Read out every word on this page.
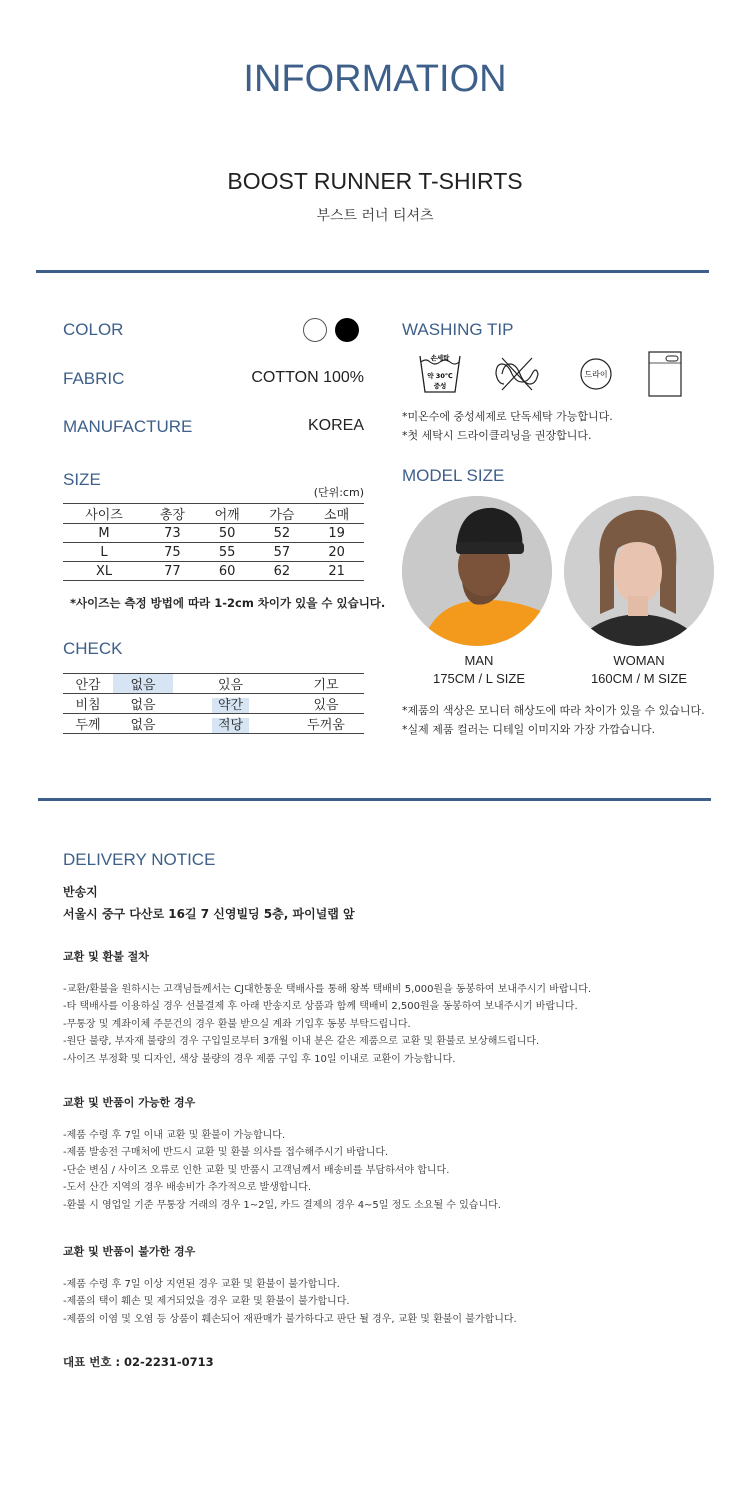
INFORMATION
BOOST RUNNER T-SHIRTS
부스트 러너 티셔츠
COLOR
FABRIC	COTTON 100%
MANUFACTURE	KOREA
SIZE
(단위:cm)
사이즈	총장	어깨	가슴	소매
M	73	50	52	19
L	75	55	57	20
XL	77	60	62	21
*사이즈는 측정 방법에 따라 1-2cm 차이가 있을 수 있습니다.
CHECK
안감	없음	있음	기모
비침	없음	약간	있음
두께	없음	적당	두꺼움
WASHING TIP
손세탁
약 30℃
중성
드라이
*미온수에 중성세제로 단독세탁 가능합니다.
*첫 세탁시 드라이클리닝을 권장합니다.
MODEL SIZE
MAN
175CM / L SIZE
WOMAN
160CM / M SIZE
*제품의 색상은 모니터 해상도에 따라 차이가 있을 수 있습니다.
*실제 제품 컬러는 디테일 이미지와 가장 가깝습니다.
DELIVERY NOTICE
반송지
서울시 중구 다산로 16길 7 신영빌딩 5층, 파이널랩 앞
교환 및 환불 절차
-교환/환불을 원하시는 고객님들께서는 CJ대한통운 택배사를 통해 왕복 택배비 5,000원을 동봉하여 보내주시기 바랍니다.
-타 택배사를 이용하실 경우 선불결제 후 아래 반송지로 상품과 함께 택배비 2,500원을 동봉하여 보내주시기 바랍니다.
-무통장 및 계좌이체 주문건의 경우 환불 받으실 계좌 기입후 동봉 부탁드립니다.
-원단 불량, 부자재 불량의 경우 구입일로부터 3개월 이내 분은 같은 제품으로 교환 및 환불로 보상해드립니다.
-사이즈 부정확 및 디자인, 색상 불량의 경우 제품 구입 후 10일 이내로 교환이 가능합니다.
교환 및 반품이 가능한 경우
-제품 수령 후 7일 이내 교환 및 환불이 가능합니다.
-제품 발송전 구매처에 반드시 교환 및 환불 의사를 접수해주시기 바랍니다.
-단순 변심 / 사이즈 오류로 인한 교환 및 반품시 고객님께서 배송비를 부담하셔야 합니다.
-도서 산간 지역의 경우 배송비가 추가적으로 발생합니다.
-환불 시 영업일 기준 무통장 거래의 경우 1~2일, 카드 결제의 경우 4~5일 정도 소요될 수 있습니다.
교환 및 반품이 불가한 경우
-제품 수령 후 7일 이상 지연된 경우 교환 및 환불이 불가합니다.
-제품의 택이 훼손 및 제거되었을 경우 교환 및 환불이 불가합니다.
-제품의 이염 및 오염 등 상품이 훼손되어 재판매가 불가하다고 판단 될 경우, 교환 및 환불이 불가합니다.
대표 번호 : 02-2231-0713
